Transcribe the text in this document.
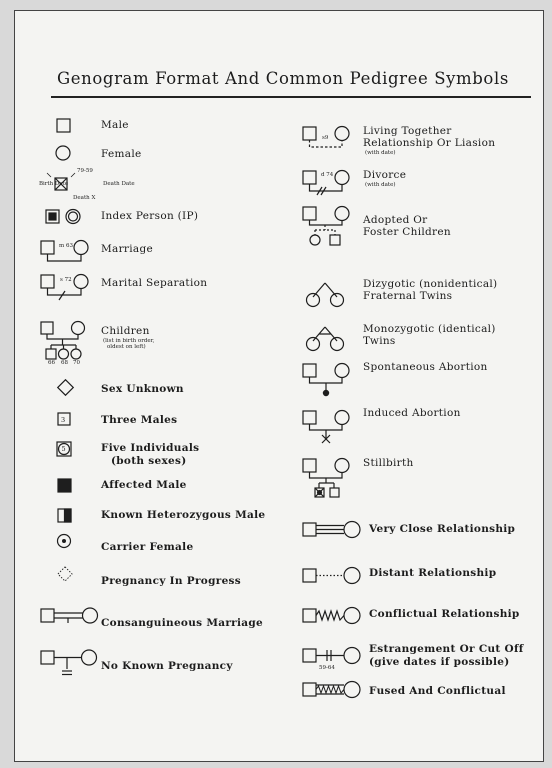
Genogram Format And Common Pedigree Symbols
79-59
Birth Date	Death Date
Death X
m 63
s 72
66 68 70
3
5
s9
d 74
59-64
Male
Female
Index Person (IP)
Marriage
Marital Separation
Children
(list in birth order,
oldest on left)
Sex Unknown
Three Males
Five Individuals
(both sexes)
Affected Male
Known Heterozygous Male
Carrier Female
Pregnancy In Progress
Consanguineous Marriage
No Known Pregnancy
Living Together
Relationship Or Liasion
(with date)
Divorce
(with date)
Adopted Or
Foster Children
Dizygotic (nonidentical)
Fraternal Twins
Monozygotic (identical)
Twins
Spontaneous Abortion
Induced Abortion
Stillbirth
Very Close Relationship
Distant Relationship
Conflictual Relationship
Estrangement Or Cut Off
(give dates if possible)
Fused And Conflictual
